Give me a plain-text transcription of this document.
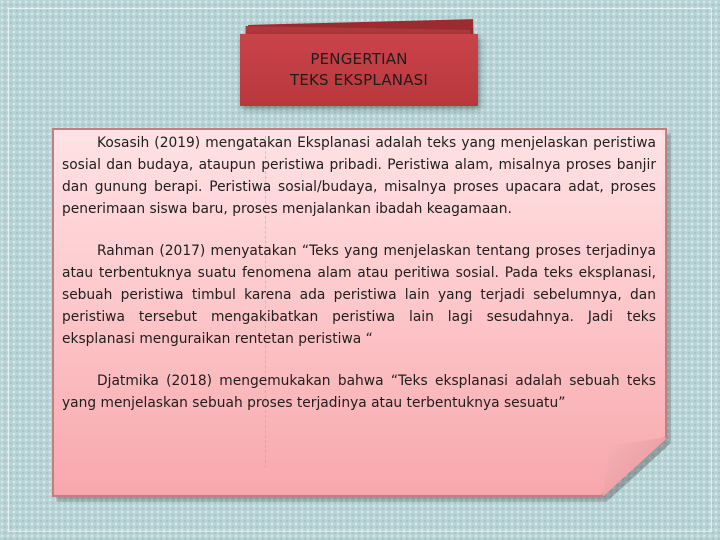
PENGERTIAN
TEKS EKSPLANASI

Kosasih (2019) mengatakan Eksplanasi adalah teks yang menjelaskan peristiwa sosial dan budaya, ataupun peristiwa pribadi. Peristiwa alam, misalnya proses banjir dan gunung berapi. Peristiwa sosial/budaya, misalnya proses upacara adat, proses penerimaan siswa baru, proses menjalankan ibadah keagamaan.

Rahman (2017) menyatakan “Teks yang menjelaskan tentang proses terjadinya atau terbentuknya suatu fenomena alam atau peritiwa sosial. Pada teks eksplanasi, sebuah peristiwa timbul karena ada peristiwa lain yang terjadi sebelumnya, dan peristiwa tersebut mengakibatkan peristiwa lain lagi sesudahnya. Jadi teks eksplanasi menguraikan rentetan peristiwa “

Djatmika (2018) mengemukakan bahwa “Teks eksplanasi adalah sebuah teks yang menjelaskan sebuah proses terjadinya atau terbentuknya sesuatu”
